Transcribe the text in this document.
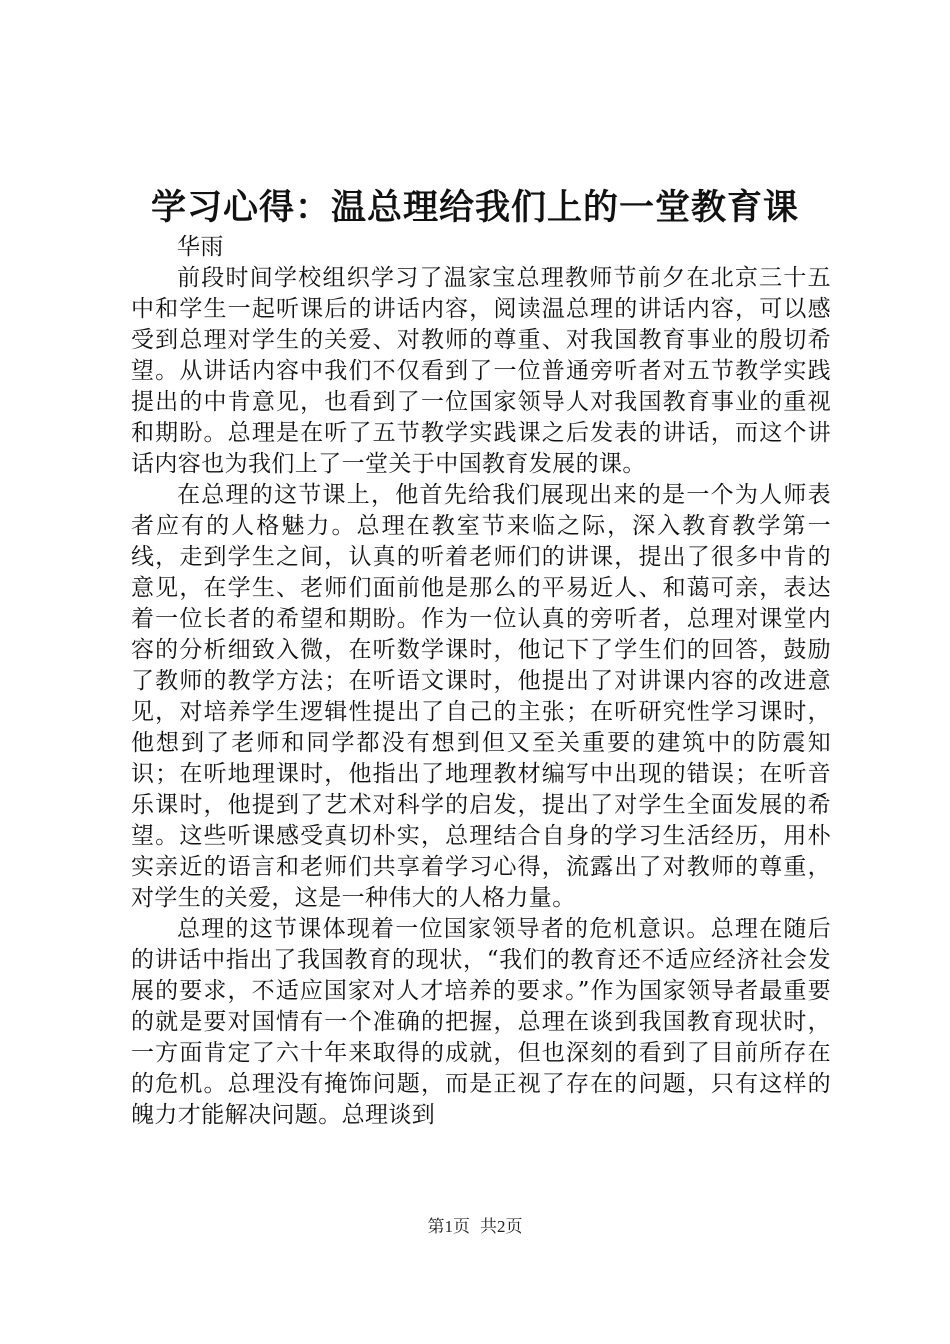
学习心得：温总理给我们上的一堂教育课

华雨

前段时间学校组织学习了温家宝总理教师节前夕在北京三十五中和学生一起听课后的讲话内容，阅读温总理的讲话内容，可以感受到总理对学生的关爱、对教师的尊重、对我国教育事业的殷切希望。从讲话内容中我们不仅看到了一位普通旁听者对五节教学实践提出的中肯意见，也看到了一位国家领导人对我国教育事业的重视和期盼。总理是在听了五节教学实践课之后发表的讲话，而这个讲话内容也为我们上了一堂关于中国教育发展的课。

在总理的这节课上，他首先给我们展现出来的是一个为人师表者应有的人格魅力。总理在教室节来临之际，深入教育教学第一线，走到学生之间，认真的听着老师们的讲课，提出了很多中肯的意见，在学生、老师们面前他是那么的平易近人、和蔼可亲，表达着一位长者的希望和期盼。作为一位认真的旁听者，总理对课堂内容的分析细致入微，在听数学课时，他记下了学生们的回答，鼓励了教师的教学方法；在听语文课时，他提出了对讲课内容的改进意见，对培养学生逻辑性提出了自己的主张；在听研究性学习课时，他想到了老师和同学都没有想到但又至关重要的建筑中的防震知识；在听地理课时，他指出了地理教材编写中出现的错误；在听音乐课时，他提到了艺术对科学的启发，提出了对学生全面发展的希望。这些听课感受真切朴实，总理结合自身的学习生活经历，用朴实亲近的语言和老师们共享着学习心得，流露出了对教师的尊重，对学生的关爱，这是一种伟大的人格力量。

总理的这节课体现着一位国家领导者的危机意识。总理在随后的讲话中指出了我国教育的现状，“我们的教育还不适应经济社会发展的要求，不适应国家对人才培养的要求。”作为国家领导者最重要的就是要对国情有一个准确的把握，总理在谈到我国教育现状时，一方面肯定了六十年来取得的成就，但也深刻的看到了目前所存在的危机。总理没有掩饰问题，而是正视了存在的问题，只有这样的魄力才能解决问题。总理谈到

第1页 共2页
